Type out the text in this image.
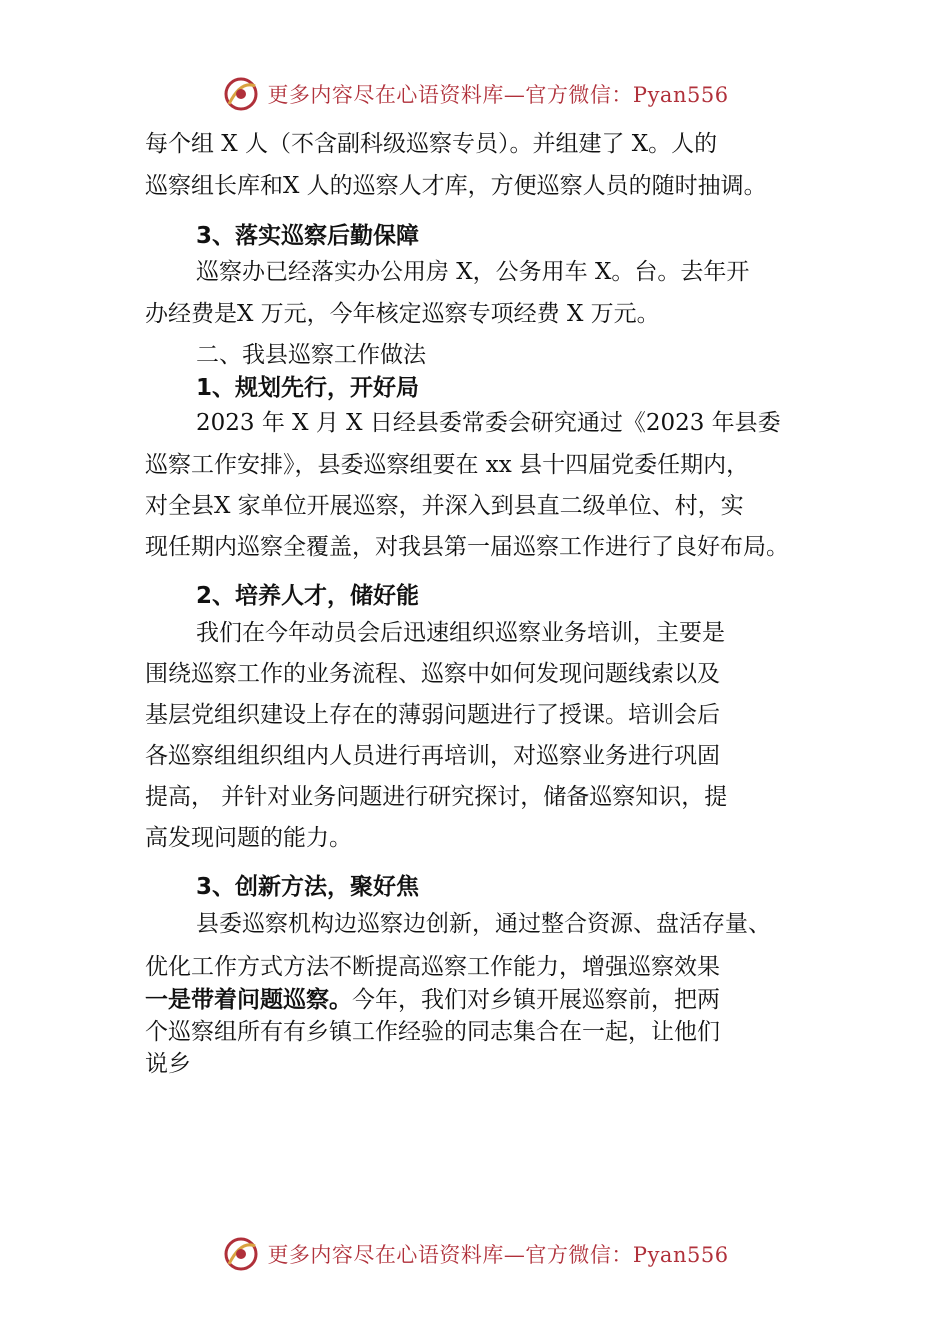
更多内容尽在心语资料库—官方微信：Pyan556
每个组 X 人（不含副科级巡察专员）。并组建了 X。人的
巡察组长库和X 人的巡察人才库，方便巡察人员的随时抽调。
3、落实巡察后勤保障
巡察办已经落实办公用房 X，公务用车 X。台。去年开
办经费是X 万元，今年核定巡察专项经费 X 万元。
二、我县巡察工作做法
1、规划先行，开好局
2023 年 X 月 X 日经县委常委会研究通过《2023 年县委
巡察工作安排》，县委巡察组要在 xx 县十四届党委任期内，
对全县X 家单位开展巡察，并深入到县直二级单位、村，实
现任期内巡察全覆盖，对我县第一届巡察工作进行了良好布局。
2、培养人才，储好能
我们在今年动员会后迅速组织巡察业务培训，主要是
围绕巡察工作的业务流程、巡察中如何发现问题线索以及
基层党组织建设上存在的薄弱问题进行了授课。培训会后
各巡察组组织组内人员进行再培训，对巡察业务进行巩固
提高， 并针对业务问题进行研究探讨，储备巡察知识，提
高发现问题的能力。
3、创新方法，聚好焦
县委巡察机构边巡察边创新，通过整合资源、盘活存量、
优化工作方式方法不断提高巡察工作能力，增强巡察效果
一是带着问题巡察。今年，我们对乡镇开展巡察前，把两
个巡察组所有有乡镇工作经验的同志集合在一起，让他们
说乡
更多内容尽在心语资料库—官方微信：Pyan556
